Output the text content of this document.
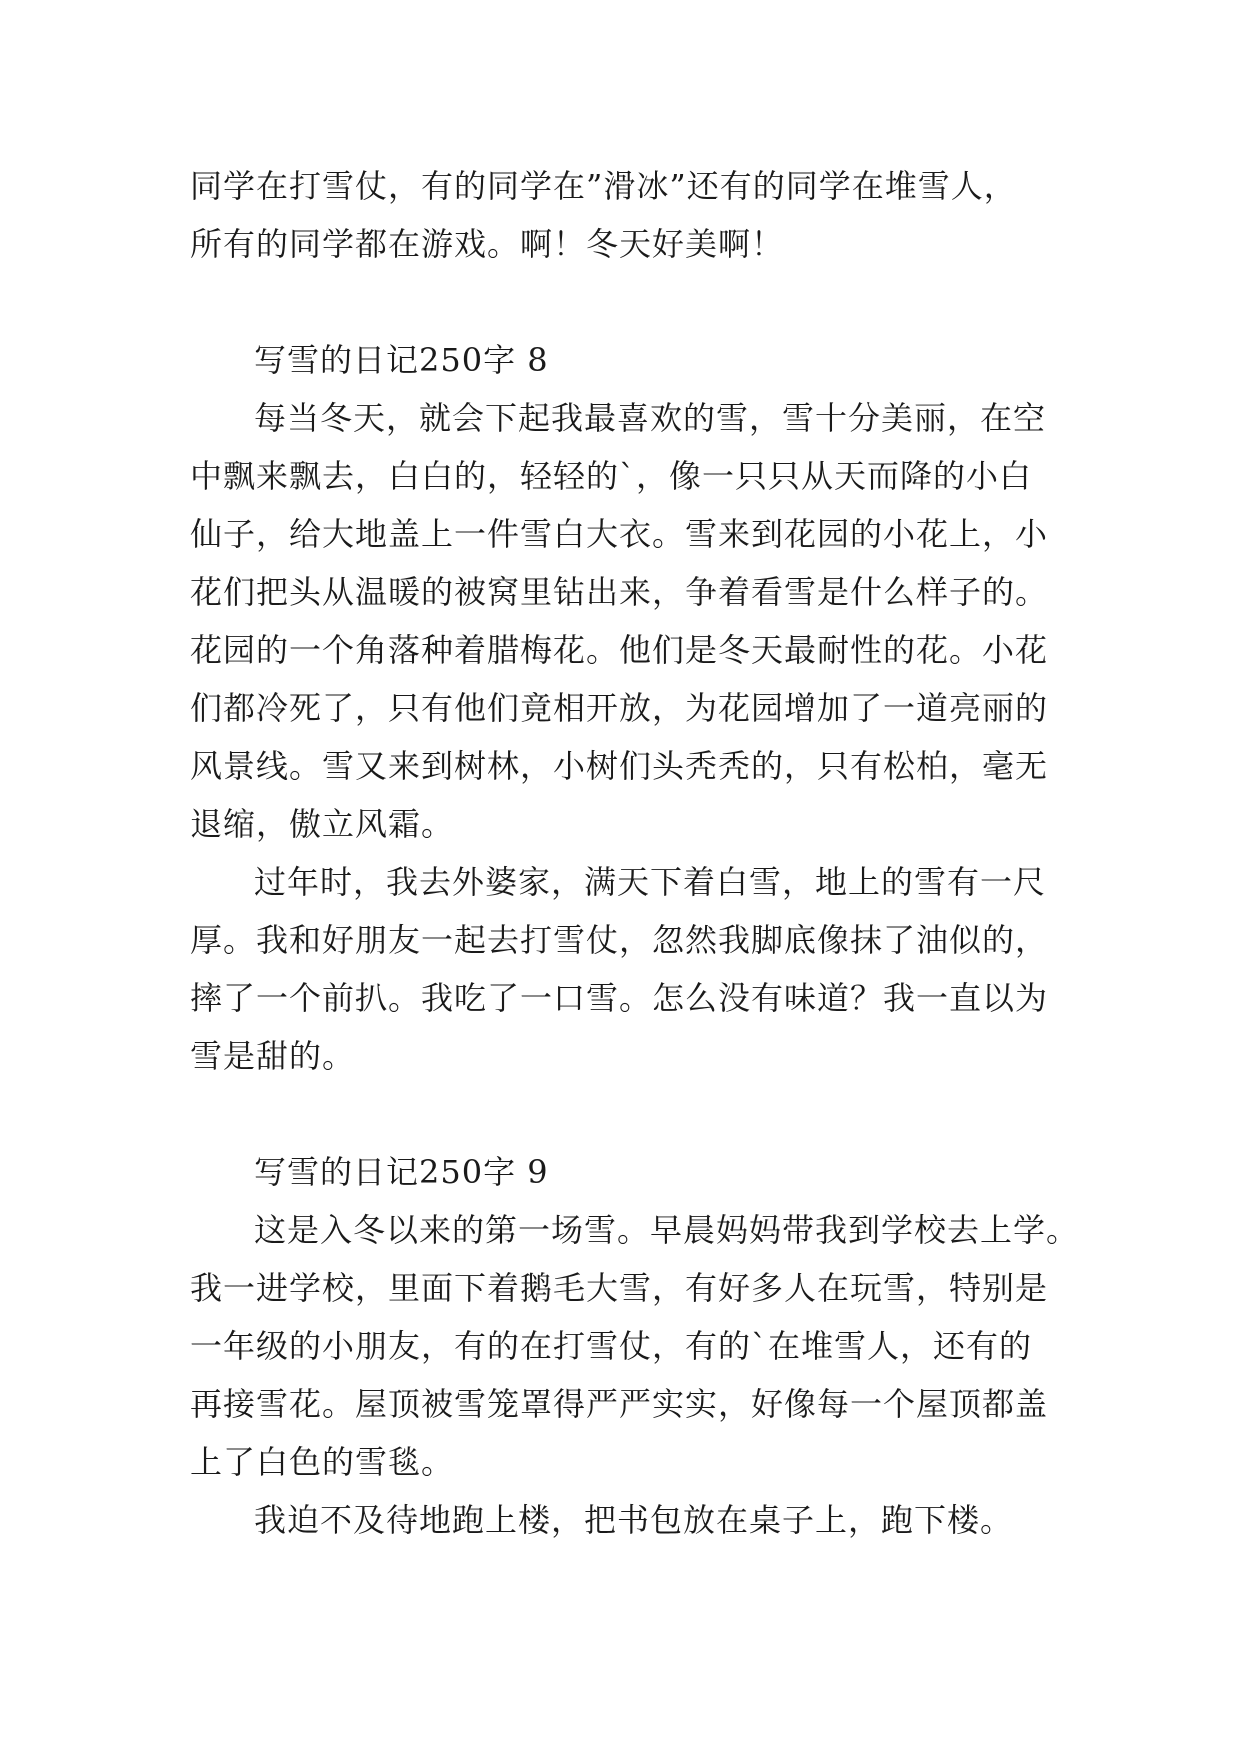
同学在打雪仗，有的同学在”滑冰”还有的同学在堆雪人，
所有的同学都在游戏。啊！冬天好美啊！
写雪的日记250字 8
每当冬天，就会下起我最喜欢的雪，雪十分美丽，在空
中飘来飘去，白白的，轻轻的`，像一只只从天而降的小白
仙子，给大地盖上一件雪白大衣。雪来到花园的小花上，小
花们把头从温暖的被窝里钻出来，争着看雪是什么样子的。
花园的一个角落种着腊梅花。他们是冬天最耐性的花。小花
们都冷死了，只有他们竟相开放，为花园增加了一道亮丽的
风景线。雪又来到树林，小树们头秃秃的，只有松柏，毫无
退缩，傲立风霜。
过年时，我去外婆家，满天下着白雪，地上的雪有一尺
厚。我和好朋友一起去打雪仗，忽然我脚底像抹了油似的，
摔了一个前扒。我吃了一口雪。怎么没有味道？我一直以为
雪是甜的。
写雪的日记250字 9
这是入冬以来的第一场雪。早晨妈妈带我到学校去上学。
我一进学校，里面下着鹅毛大雪，有好多人在玩雪，特别是
一年级的小朋友，有的在打雪仗，有的`在堆雪人，还有的
再接雪花。屋顶被雪笼罩得严严实实，好像每一个屋顶都盖
上了白色的雪毯。
我迫不及待地跑上楼，把书包放在桌子上，跑下楼。
